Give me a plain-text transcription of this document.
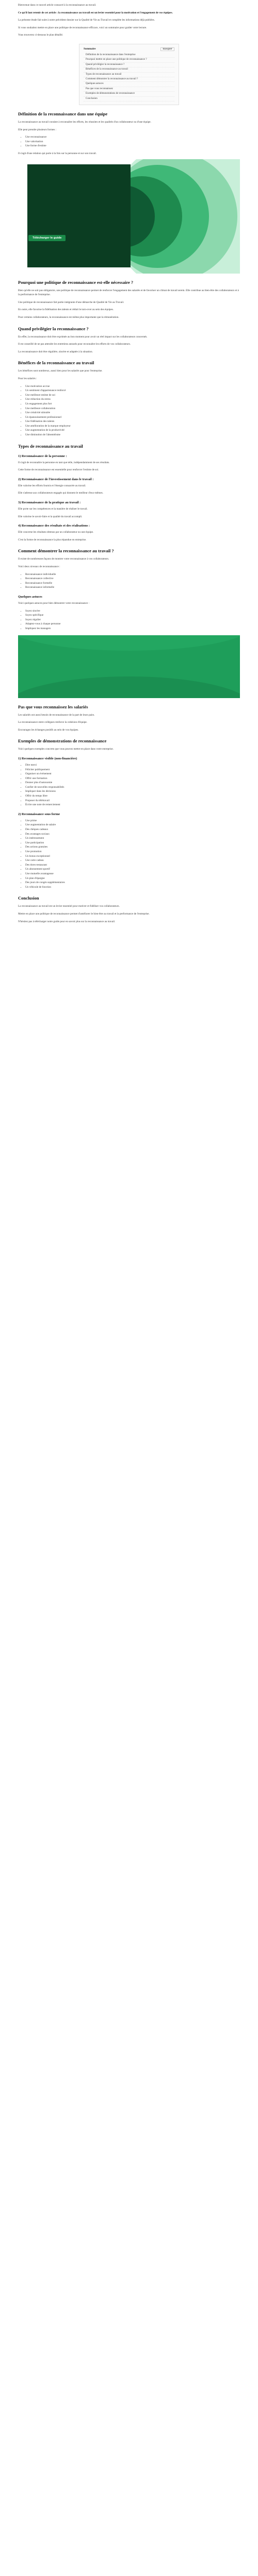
Bienvenue dans ce nouvel article consacré à la reconnaissance au travail.

Ce qu'il faut retenir de cet article : la reconnaissance au travail est un levier essentiel pour la motivation et l'engagement de vos équipes.

La présente étude fait suite à notre précédent dossier sur la Qualité de Vie au Travail et complète les informations déjà publiées.

Si vous souhaitez mettre en place une politique de reconnaissance efficace, voici un sommaire pour guider votre lecture.

Vous trouverez ci-dessous le plan détaillé.

Sommaire	masquer
Définition de la reconnaissance dans l'entreprise
Pourquoi mettre en place une politique de reconnaissance ?
Quand privilégier la reconnaissance ?
Bénéfices de la reconnaissance au travail
Types de reconnaissance au travail
Comment démontrer la reconnaissance au travail ?
Quelques astuces
Pas que vous reconnaissez
Exemples de démonstrations de reconnaissance
Conclusion
Définition de la reconnaissance dans une équipe

La reconnaissance au travail consiste à reconnaître les efforts, les réussites et les qualités d'un collaborateur ou d'une équipe.

Elle peut prendre plusieurs formes :

• Une reconnaissance
• Une valorisation
• Une forme d'estime

Il s'agit d'une relation qui porte à la fois sur la personne et sur son travail.

Télécharger le guide
Pourquoi une politique de reconnaissance est-elle nécessaire ?

Bien qu'elle ne soit pas obligatoire, une politique de reconnaissance permet de renforcer l'engagement des salariés et de favoriser un climat de travail serein. Elle contribue au bien-être des collaborateurs et à la performance de l'entreprise.

Une politique de reconnaissance fait partie intégrante d'une démarche de Qualité de Vie au Travail.

En outre, elle favorise la fidélisation des talents et réduit le turn-over au sein des équipes.

Pour certains collaborateurs, la reconnaissance est même plus importante que la rémunération.

Quand privilégier la reconnaissance ?

En effet, la reconnaissance doit être exprimée au bon moment pour avoir un réel impact sur les collaborateurs concernés.

Il est conseillé de ne pas attendre les entretiens annuels pour reconnaître les efforts de vos collaborateurs.

La reconnaissance doit être régulière, sincère et adaptée à la situation.

Bénéfices de la reconnaissance au travail

Les bénéfices sont nombreux, aussi bien pour les salariés que pour l'entreprise.

Pour les salariés :

• Une motivation accrue
• Un sentiment d'appartenance renforcé
• Une meilleure estime de soi
• Une réduction du stress
• Un engagement plus fort
• Une meilleure collaboration
• Une créativité stimulée
• Un épanouissement professionnel
• Une fidélisation des talents
• Une amélioration de la marque employeur
• Une augmentation de la productivité
• Une diminution de l'absentéisme
Types de reconnaissance au travail
1) Reconnaissance de la personne :

Il s'agit de reconnaître la personne en tant que telle, indépendamment de ses résultats.

Cette forme de reconnaissance est essentielle pour renforcer l'estime de soi.

2) Reconnaissance de l'investissement dans le travail :

Elle valorise les efforts fournis et l'énergie consacrée au travail.

Elle s'adresse aux collaborateurs engagés qui donnent le meilleur d'eux-mêmes.

3) Reconnaissance de la pratique au travail :

Elle porte sur les compétences et la manière de réaliser le travail.

Elle valorise le savoir-faire et la qualité du travail accompli.

4) Reconnaissance des résultats et des réalisations :

Elle concerne les résultats obtenus par un collaborateur ou une équipe.

C'est la forme de reconnaissance la plus répandue en entreprise.

Comment démontrer la reconnaissance au travail ?

Il existe de nombreuses façons de montrer votre reconnaissance à vos collaborateurs.

Voici deux niveaux de reconnaissance :

• Reconnaissance individuelle
• Reconnaissance collective
• Reconnaissance formelle
• Reconnaissance informelle
Quelques astuces

Voici quelques astuces pour bien démontrer votre reconnaissance :

• Soyez sincère
• Soyez spécifique
• Soyez régulier
• Adaptez-vous à chaque personne
• Impliquez les managers
Pas que vous reconnaissez les salariés

Les salariés ont aussi besoin de reconnaissance de la part de leurs pairs.

La reconnaissance entre collègues renforce la cohésion d'équipe.

Encouragez les échanges positifs au sein de vos équipes.

Exemples de démonstrations de reconnaissance

Voici quelques exemples concrets que vous pouvez mettre en place dans votre entreprise.

1) Reconnaissance visible (non-financière)
• Dire merci
• Féliciter publiquement
• Organiser un événement
• Offrir une formation
• Donner plus d'autonomie
• Confier de nouvelles responsabilités
• Impliquer dans les décisions
• Offrir du temps libre
• Proposer du télétravail
• Écrire une note de remerciement
2) Reconnaissance sous forme
• Une prime
• Une augmentation de salaire
• Des chèques cadeaux
• Des avantages sociaux
• Un intéressement
• Une participation
• Des actions gratuites
• Une promotion
• Un bonus exceptionnel
• Une carte cadeau
• Des titres-restaurant
• Un abonnement sportif
• Une mutuelle avantageuse
• Un plan d'épargne
• Des jours de congés supplémentaires
• Un véhicule de fonction
Conclusion

La reconnaissance au travail est un levier essentiel pour motiver et fidéliser vos collaborateurs.

Mettre en place une politique de reconnaissance permet d'améliorer le bien-être au travail et la performance de l'entreprise.

N'hésitez pas à télécharger notre guide pour en savoir plus sur la reconnaissance au travail.
